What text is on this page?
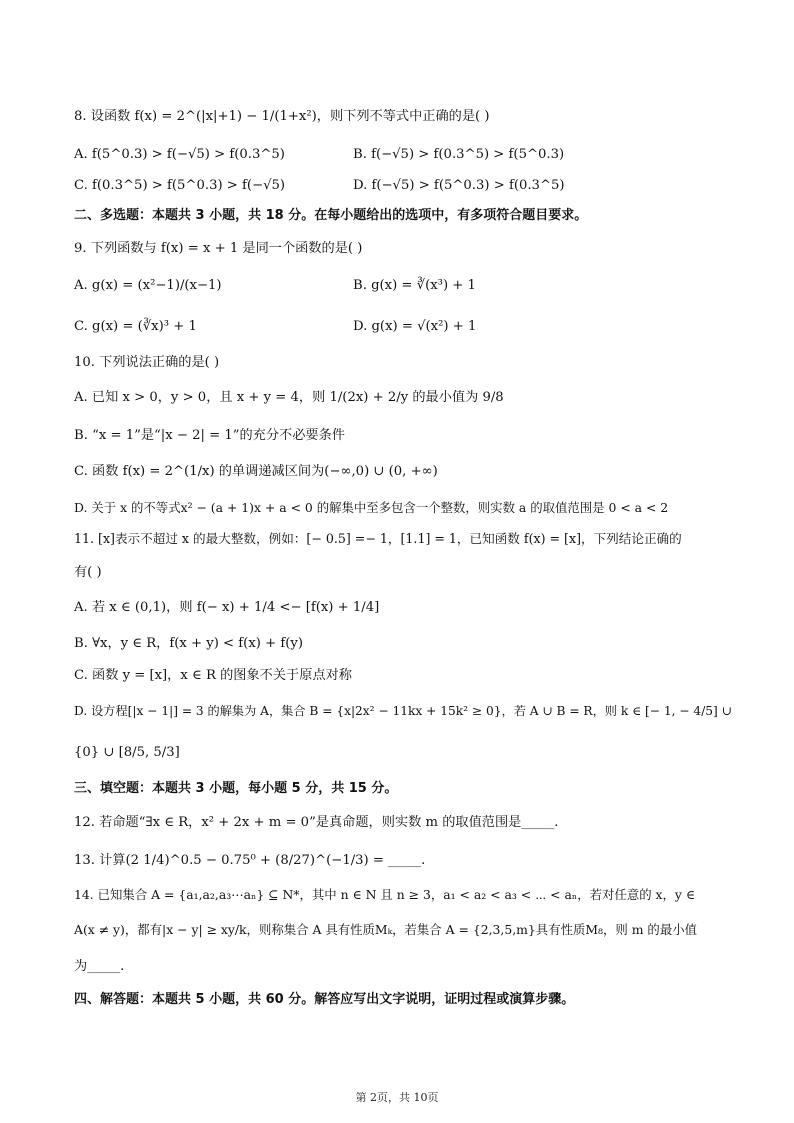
8. 设函数 f(x) = 2^(|x|+1) − 1/(1+x²)，则下列不等式中正确的是( )
A. f(5^0.3) > f(−√5) > f(0.3^5)	B. f(−√5) > f(0.3^5) > f(5^0.3)
C. f(0.3^5) > f(5^0.3) > f(−√5)	D. f(−√5) > f(5^0.3) > f(0.3^5)
二、多选题：本题共 3 小题，共 18 分。在每小题给出的选项中，有多项符合题目要求。
9. 下列函数与 f(x) = x + 1 是同一个函数的是( )
A. g(x) = (x²−1)/(x−1)	B. g(x) = ∛(x³) + 1
C. g(x) = (∛x)³ + 1	D. g(x) = √(x²) + 1
10. 下列说法正确的是( )
A. 已知 x > 0，y > 0，且 x + y = 4，则 1/(2x) + 2/y 的最小值为 9/8
B. “x = 1”是“|x − 2| = 1”的充分不必要条件
C. 函数 f(x) = 2^(1/x) 的单调递减区间为(−∞,0) ∪ (0, +∞)
D. 关于 x 的不等式x² − (a + 1)x + a < 0 的解集中至多包含一个整数，则实数 a 的取值范围是 0 < a < 2
11. [x]表示不超过 x 的最大整数，例如：[− 0.5] =− 1，[1.1] = 1，已知函数 f(x) = [x]，下列结论正确的
有( )
A. 若 x ∈ (0,1)，则 f(− x) + 1/4 <− [f(x) + 1/4]
B. ∀x，y ∈ R，f(x + y) < f(x) + f(y)
C. 函数 y = [x]，x ∈ R 的图象不关于原点对称
D. 设方程[|x − 1|] = 3 的解集为 A，集合 B = {x|2x² − 11kx + 15k² ≥ 0}，若 A ∪ B = R，则 k ∈ [− 1, − 4/5] ∪
{0} ∪ [8/5, 5/3]
三、填空题：本题共 3 小题，每小题 5 分，共 15 分。
12. 若命题“∃x ∈ R，x² + 2x + m = 0”是真命题，则实数 m 的取值范围是_____.
13. 计算(2 1/4)^0.5 − 0.75⁰ + (8/27)^(−1/3) = _____.
14. 已知集合 A = {a₁,a₂,a₃⋯aₙ} ⊆ N*，其中 n ∈ N 且 n ≥ 3，a₁ < a₂ < a₃ < ⋯ < aₙ，若对任意的 x，y ∈
A(x ≠ y)，都有|x − y| ≥ xy/k，则称集合 A 具有性质Mₖ，若集合 A = {2,3,5,m}具有性质M₈，则 m 的最小值
为_____.
四、解答题：本题共 5 小题，共 60 分。解答应写出文字说明，证明过程或演算步骤。
第 2页，共 10页
